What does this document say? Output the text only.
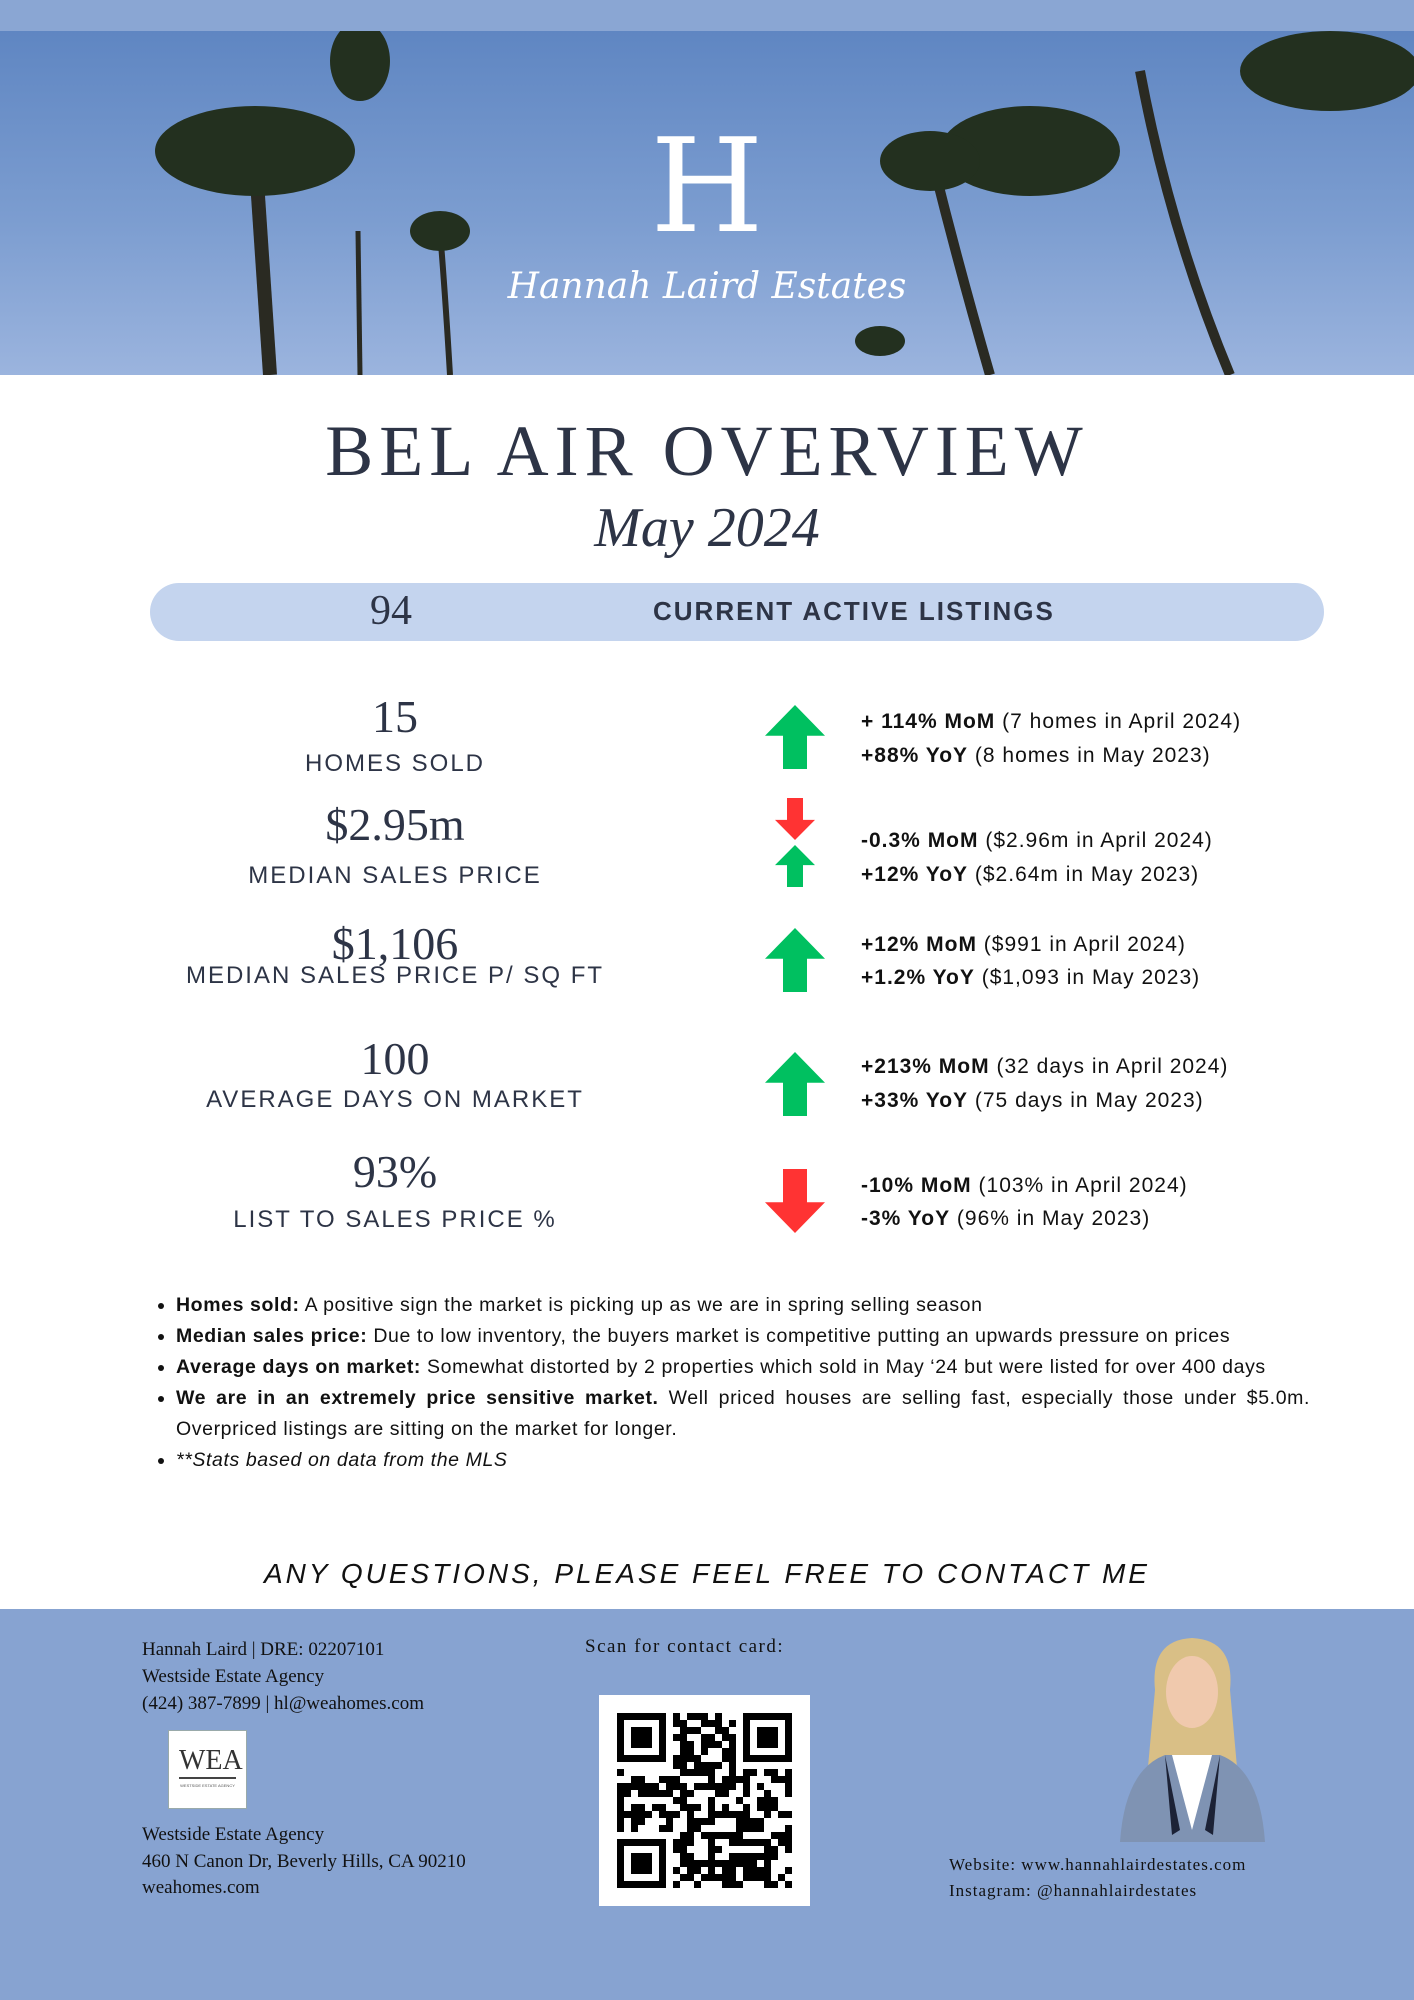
H
Hannah Laird Estates
BEL AIR OVERVIEW
May 2024
94	CURRENT ACTIVE LISTINGS
15
HOMES SOLD
+ 114% MoM (7 homes in April 2024)
+88% YoY (8 homes in May 2023)
$2.95m
MEDIAN SALES PRICE
-0.3% MoM ($2.96m in April 2024)
+12% YoY ($2.64m in May 2023)
$1,106
MEDIAN SALES PRICE P/ SQ FT
+12% MoM ($991 in April 2024)
+1.2% YoY ($1,093 in May 2023)
100
AVERAGE DAYS ON MARKET
+213% MoM (32 days in April 2024)
+33% YoY (75 days in May 2023)
93%
LIST TO SALES PRICE %
-10% MoM (103% in April 2024)
-3% YoY (96% in May 2023)
• Homes sold: A positive sign the market is picking up as we are in spring selling season
• Median sales price: Due to low inventory, the buyers market is competitive putting an upwards pressure on prices
• Average days on market: Somewhat distorted by 2 properties which sold in May ‘24 but were listed for over 400 days
• We are in an extremely price sensitive market. Well priced houses are selling fast, especially those under $5.0m. Overpriced listings are sitting on the market for longer.
• **Stats based on data from the MLS
ANY QUESTIONS, PLEASE FEEL FREE TO CONTACT ME
Hannah Laird | DRE: 02207101
Westside Estate Agency
(424) 387-7899 | hl@weahomes.com
WEA
WESTSIDE ESTATE AGENCY
Westside Estate Agency
460 N Canon Dr, Beverly Hills, CA 90210
weahomes.com
Scan for contact card:
Website: www.hannahlairdestates.com
Instagram: @hannahlairdestates
